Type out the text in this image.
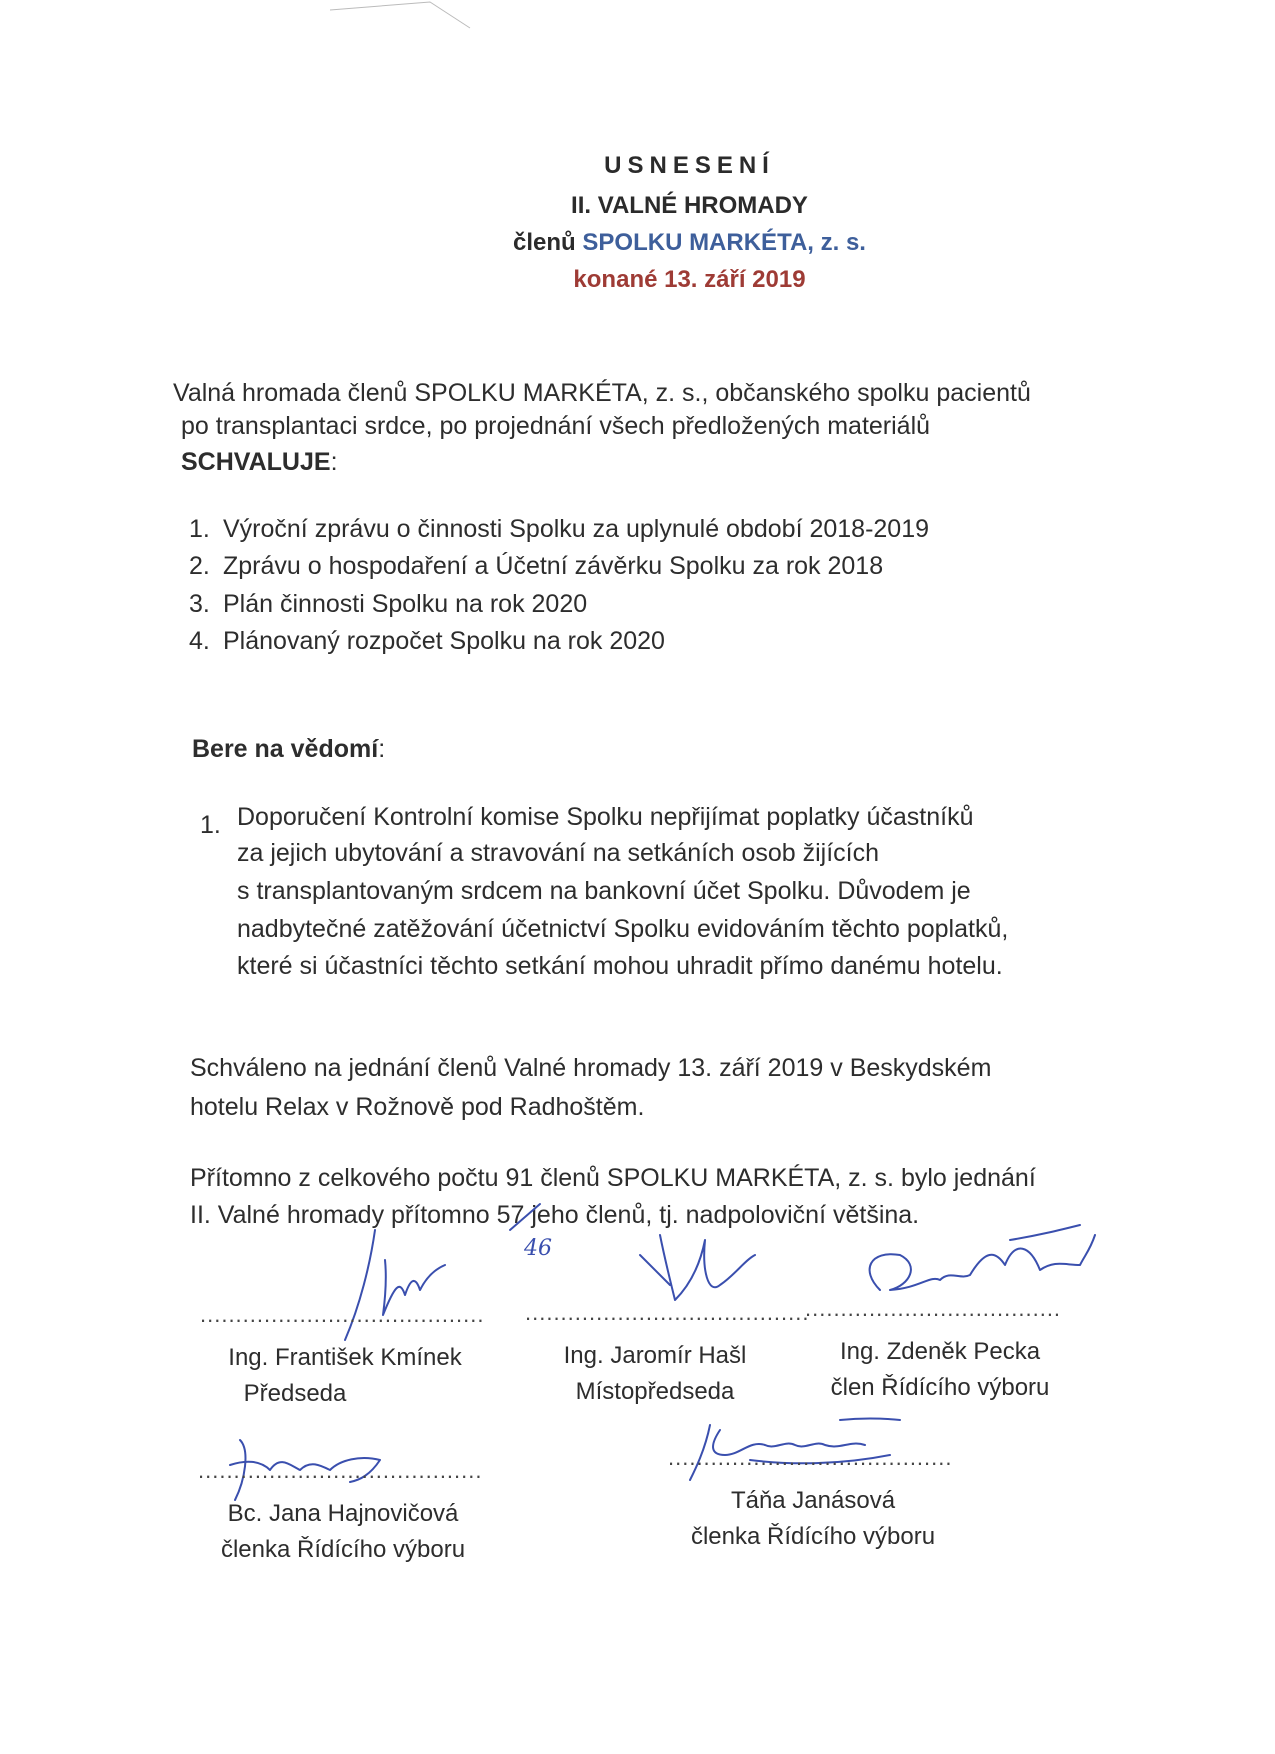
USNESENÍ
II. VALNÉ HROMADY
členů SPOLKU MARKÉTA, z. s.
konané 13. září 2019
Valná hromada členů SPOLKU MARKÉTA, z. s., občanského spolku pacientů
po transplantaci srdce, po projednání všech předložených materiálů
SCHVALUJE:
1. Výroční zprávu o činnosti Spolku za uplynulé období 2018-2019
2. Zprávu o hospodaření a Účetní závěrku Spolku za rok 2018
3. Plán činnosti Spolku na rok 2020
4. Plánovaný rozpočet Spolku na rok 2020
Bere na vědomí:
1. Doporučení Kontrolní komise Spolku nepřijímat poplatky účastníků
za jejich ubytování a stravování na setkáních osob žijících
s transplantovaným srdcem na bankovní účet Spolku. Důvodem je
nadbytečné zatěžování účetnictví Spolku evidováním těchto poplatků,
které si účastníci těchto setkání mohou uhradit přímo danému hotelu.
Schváleno na jednání členů Valné hromady 13. září 2019 v Beskydském
hotelu Relax v Rožnově pod Radhoštěm.
Přítomno z celkového počtu 91 členů SPOLKU MARKÉTA, z. s. bylo jednání
II. Valné hromady přítomno 57 jeho členů, tj. nadpoloviční většina.
46
........................................
Ing. František Kmínek
Předseda
........................................
Ing. Jaromír Hašl
Místopředseda
....................................
Ing. Zdeněk Pecka
člen Řídícího výboru
........................................
Bc. Jana Hajnovičová
členka Řídícího výboru
........................................
Táňa Janásová
členka Řídícího výboru
